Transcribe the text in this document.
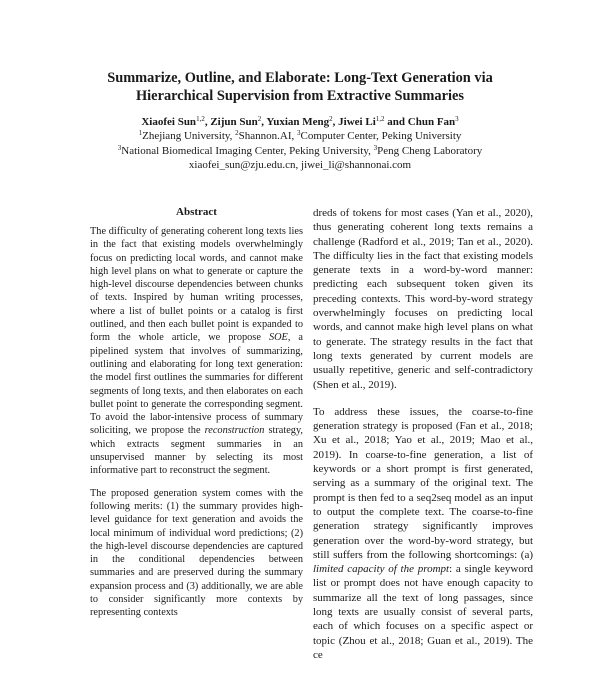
Summarize, Outline, and Elaborate: Long-Text Generation via
Hierarchical Supervision from Extractive Summaries
Xiaofei Sun$^{1,2}$, Zijun Sun$^2$, Yuxian Meng$^2$, Jiwei Li$^{1,2}$ and Chun Fan$^3$
$^1$Zhejiang University, $^2$Shannon.AI, $^3$Computer Center, Peking University
$^3$National Biomedical Imaging Center, Peking University, $^3$Peng Cheng Laboratory
xiaofei_sun@zju.edu.cn, jiwei_li@shannonai.com
Abstract

The difficulty of generating coherent long texts lies in the fact that existing models overwhelmingly focus on predicting local words, and cannot make high level plans on what to generate or capture the high-level discourse dependencies between chunks of texts. Inspired by human writing processes, where a list of bullet points or a catalog is first outlined, and then each bullet point is expanded to form the whole article, we propose SOE, a pipelined system that involves of summarizing, outlining and elaborating for long text generation: the model first outlines the summaries for different segments of long texts, and then elaborates on each bullet point to generate the corresponding segment. To avoid the labor-intensive process of summary soliciting, we propose the reconstruction strategy, which extracts segment summaries in an unsupervised manner by selecting its most informative part to reconstruct the segment.

The proposed generation system comes with the following merits: (1) the summary provides high-level guidance for text generation and avoids the local minimum of individual word predictions; (2) the high-level discourse dependencies are captured in the conditional dependencies between summaries and are preserved during the summary expansion process and (3) additionally, we are able to consider significantly more contexts by representing contexts

dreds of tokens for most cases (Yan et al., 2020), thus generating coherent long texts remains a challenge (Radford et al., 2019; Tan et al., 2020). The difficulty lies in the fact that existing models generate texts in a word-by-word manner: predicting each subsequent token given its preceding contexts. This word-by-word strategy overwhelmingly focuses on predicting local words, and cannot make high level plans on what to generate. The strategy results in the fact that long texts generated by current models are usually repetitive, generic and self-contradictory (Shen et al., 2019).

To address these issues, the coarse-to-fine generation strategy is proposed (Fan et al., 2018; Xu et al., 2018; Yao et al., 2019; Mao et al., 2019). In coarse-to-fine generation, a list of keywords or a short prompt is first generated, serving as a summary of the original text. The prompt is then fed to a seq2seq model as an input to output the complete text. The coarse-to-fine generation strategy significantly improves generation over the word-by-word strategy, but still suffers from the following shortcomings: (a) limited capacity of the prompt: a single keyword list or prompt does not have enough capacity to summarize all the text of long passages, since long texts are usually consist of several parts, each of which focuses on a specific aspect or topic (Zhou et al., 2018; Guan et al., 2019). The ce
